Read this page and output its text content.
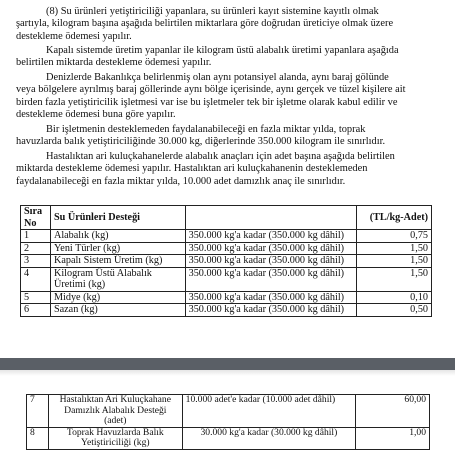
(8) Su ürünleri yetiştiriciliği yapanlara, su ürünleri kayıt sistemine kayıtlı olmak
şartıyla, kilogram başına aşağıda belirtilen miktarlara göre doğrudan üreticiye olmak üzere
destekleme ödemesi yapılır.

Kapalı sistemde üretim yapanlar ile kilogram üstü alabalık üretimi yapanlara aşağıda
belirtilen miktarda destekleme ödemesi yapılır.

Denizlerde Bakanlıkça belirlenmiş olan aynı potansiyel alanda, aynı baraj gölünde
veya bölgelere ayrılmış baraj göllerinde aynı bölge içerisinde, aynı gerçek ve tüzel kişilere ait
birden fazla yetiştiricilik işletmesi var ise bu işletmeler tek bir işletme olarak kabul edilir ve
destekleme ödemesi buna göre yapılır.

Bir işletmenin desteklemeden faydalanabileceği en fazla miktar yılda, toprak
havuzlarda balık yetiştiriciliğinde 30.000 kg, diğerlerinde 350.000 kilogram ile sınırlıdır.

Hastalıktan ari kuluçkahanelerde alabalık anaçları için adet başına aşağıda belirtilen
miktarda destekleme ödemesi yapılır. Hastalıktan ari kuluçkahanenin desteklemeden
faydalanabileceği en fazla miktar yılda, 10.000 adet damızlık anaç ile sınırlıdır.

Sıra
No	Su Ürünleri Desteği		(TL/kg-Adet)
1	Alabalık (kg)	350.000 kg'a kadar (350.000 kg dâhil)	0,75
2	Yeni Türler (kg)	350.000 kg'a kadar (350.000 kg dâhil)	1,50
3	Kapalı Sistem Üretim (kg)	350.000 kg'a kadar (350.000 kg dâhil)	1,50
4	Kilogram Üstü Alabalık Üretimi (kg)	350.000 kg'a kadar (350.000 kg dâhil)	1,50
5	Midye (kg)	350.000 kg'a kadar (350.000 kg dâhil)	0,10
6	Sazan (kg)	350.000 kg'a kadar (350.000 kg dâhil)	0,50
7	Hastalıktan Ari Kuluçkahane Damızlık Alabalık Desteği (adet)	10.000 adet'e kadar (10.000 adet dâhil)	60,00
8	Toprak Havuzlarda Balık Yetiştiriciliği (kg)	30.000 kg'a kadar (30.000 kg dâhil)	1,00
